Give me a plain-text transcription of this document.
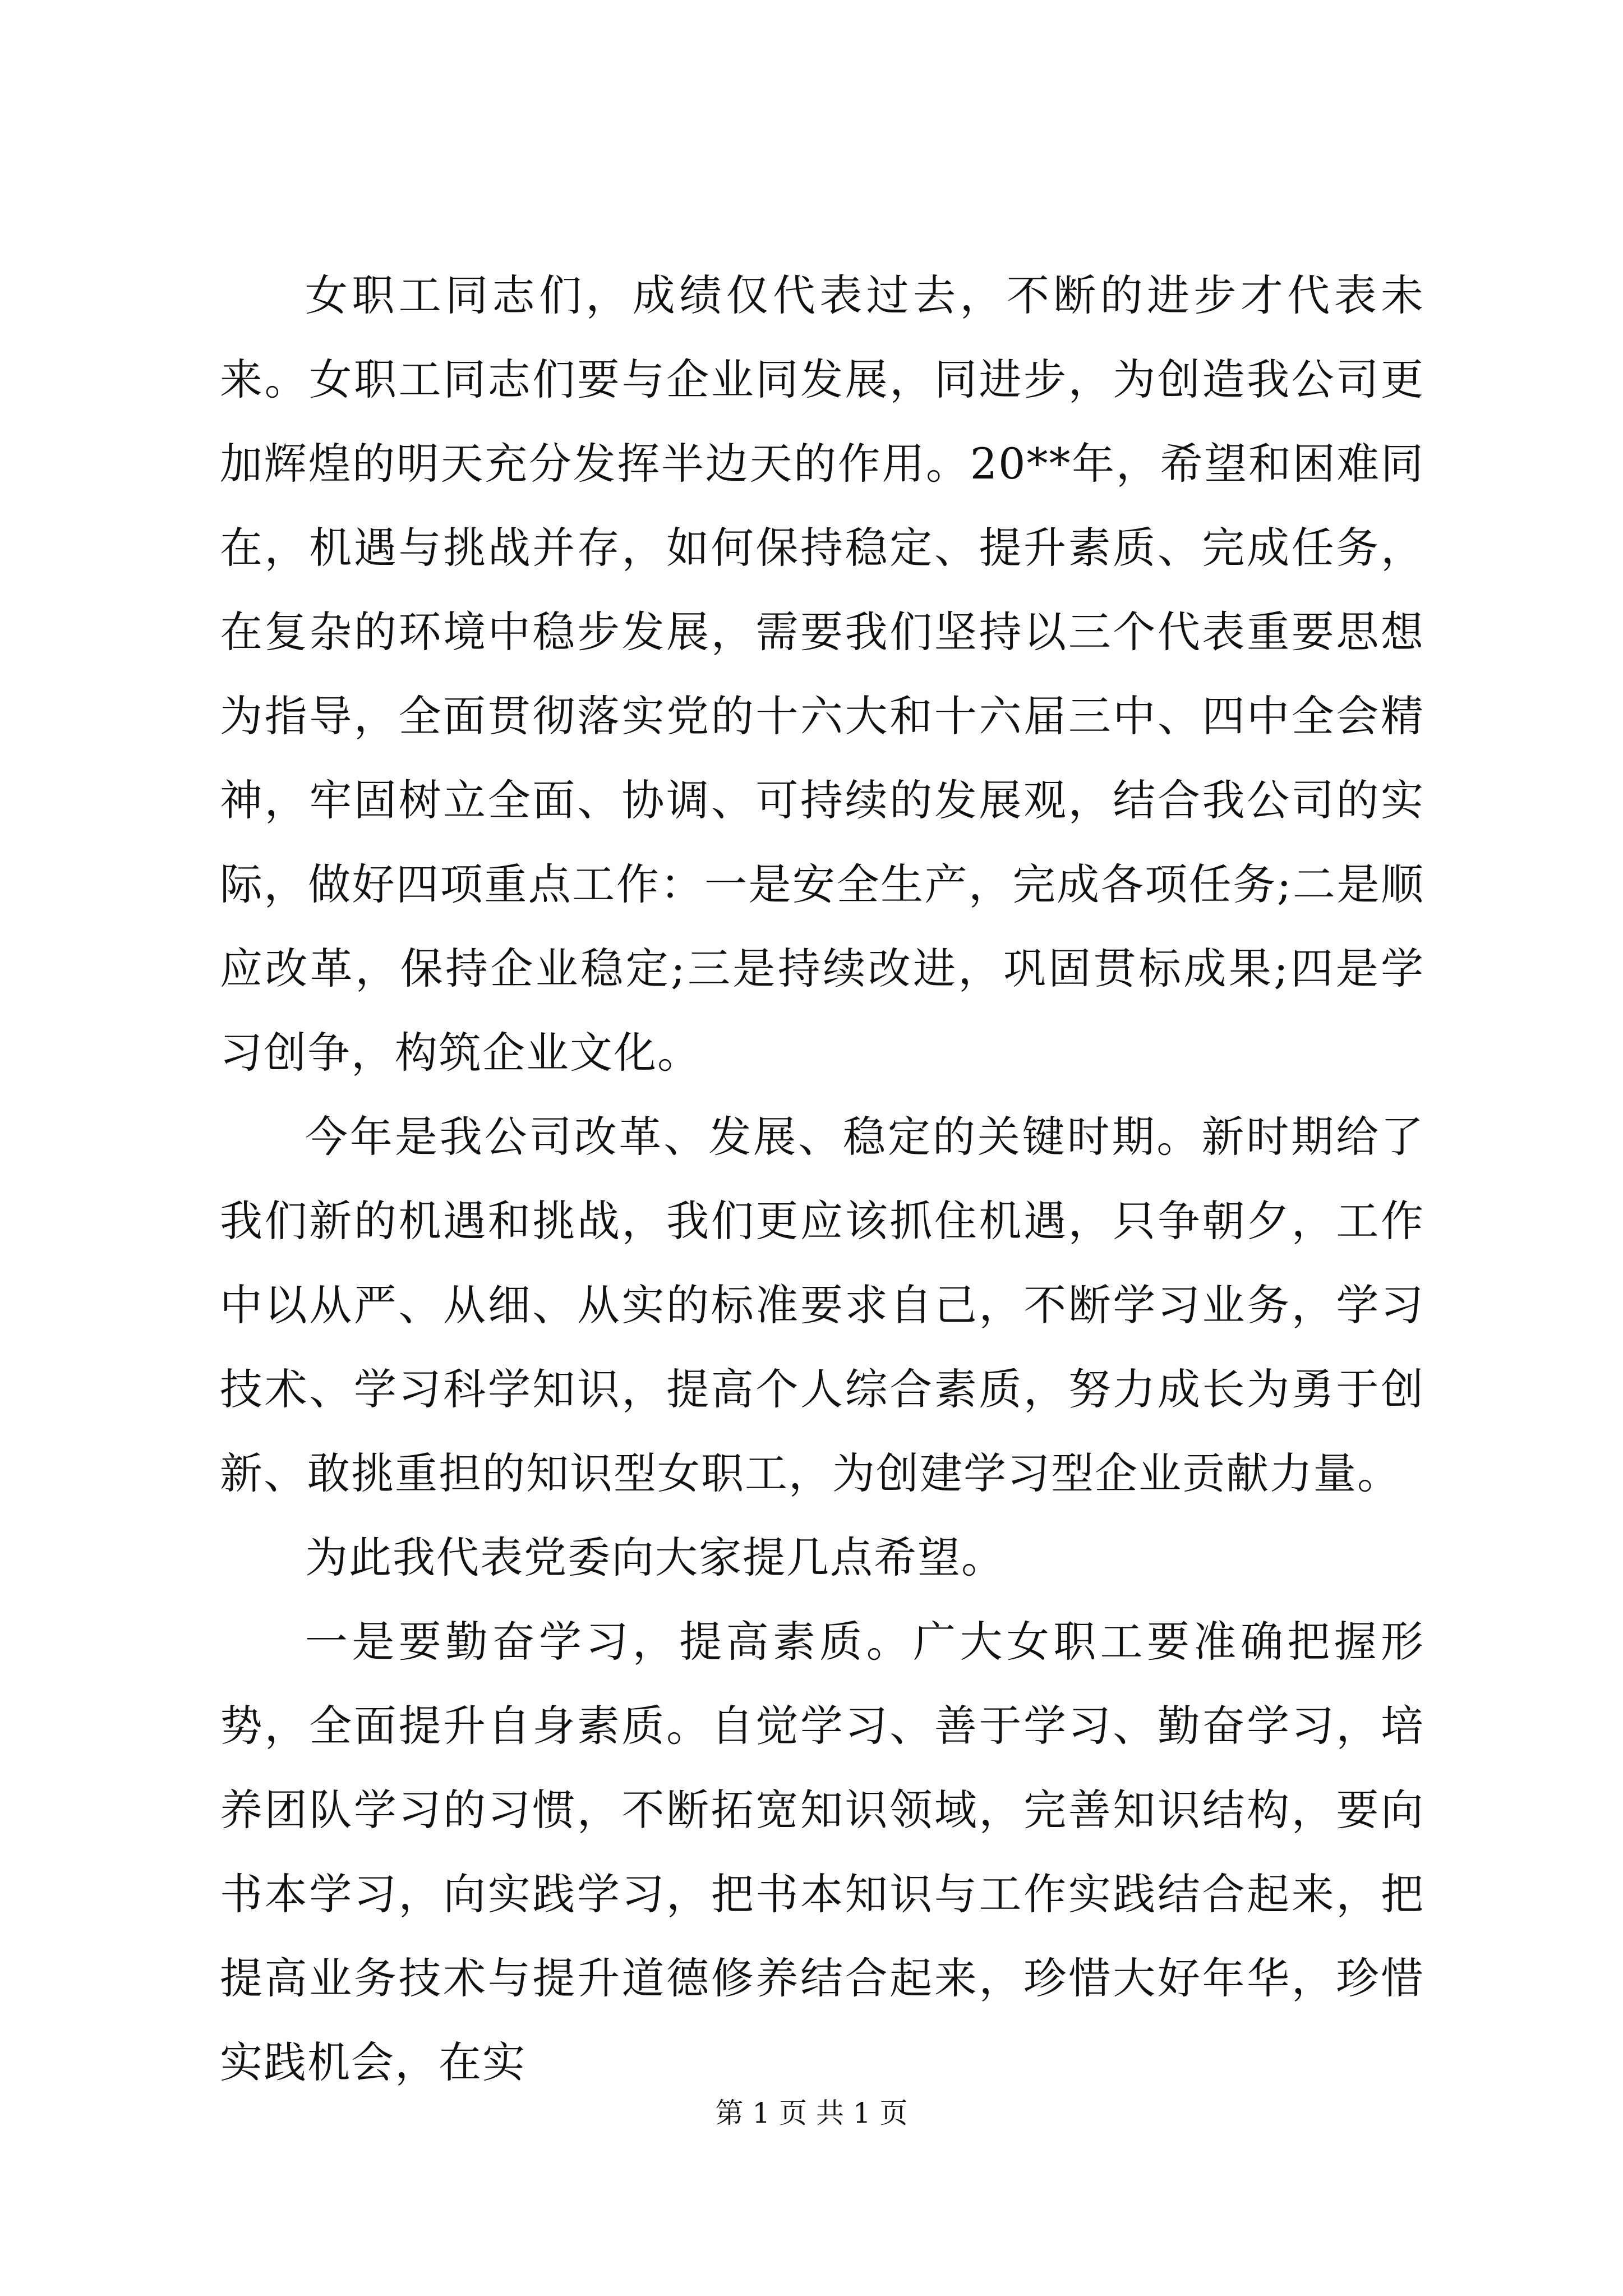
女职工同志们，成绩仅代表过去，不断的进步才代表未来。女职工同志们要与企业同发展，同进步，为创造我公司更加辉煌的明天充分发挥半边天的作用。20**年，希望和困难同在，机遇与挑战并存，如何保持稳定、提升素质、完成任务，在复杂的环境中稳步发展，需要我们坚持以三个代表重要思想为指导，全面贯彻落实党的十六大和十六届三中、四中全会精神，牢固树立全面、协调、可持续的发展观，结合我公司的实际，做好四项重点工作：一是安全生产，完成各项任务;二是顺应改革，保持企业稳定;三是持续改进，巩固贯标成果;四是学习创争，构筑企业文化。

今年是我公司改革、发展、稳定的关键时期。新时期给了我们新的机遇和挑战，我们更应该抓住机遇，只争朝夕，工作中以从严、从细、从实的标准要求自己，不断学习业务，学习技术、学习科学知识，提高个人综合素质，努力成长为勇于创新、敢挑重担的知识型女职工，为创建学习型企业贡献力量。

为此我代表党委向大家提几点希望。

一是要勤奋学习，提高素质。广大女职工要准确把握形势，全面提升自身素质。自觉学习、善于学习、勤奋学习，培养团队学习的习惯，不断拓宽知识领域，完善知识结构，要向书本学习，向实践学习，把书本知识与工作实践结合起来，把提高业务技术与提升道德修养结合起来，珍惜大好年华，珍惜实践机会，在实

第 1 页 共 1 页
